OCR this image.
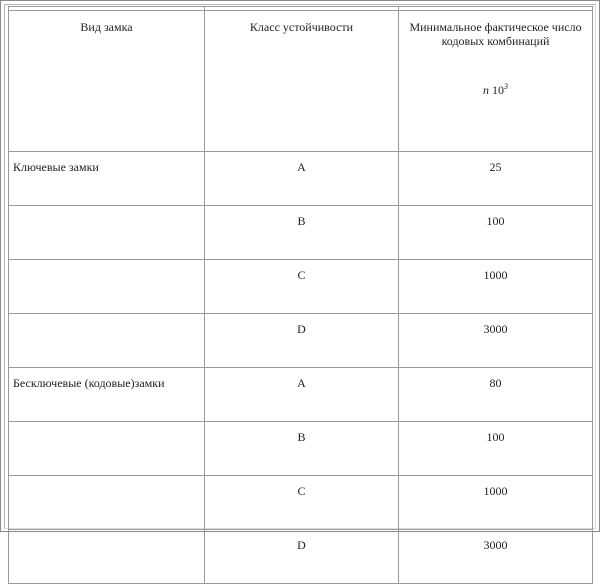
Вид замка	Класс устойчивости	Минимальное фактическое число
кодовых комбинаций
n $10^3$

Ключевые замки	A	25
	B	100
	C	1000
	D	3000
Бесключевые (кодовые)замки	A	80
	B	100
	C	1000
	D	3000
